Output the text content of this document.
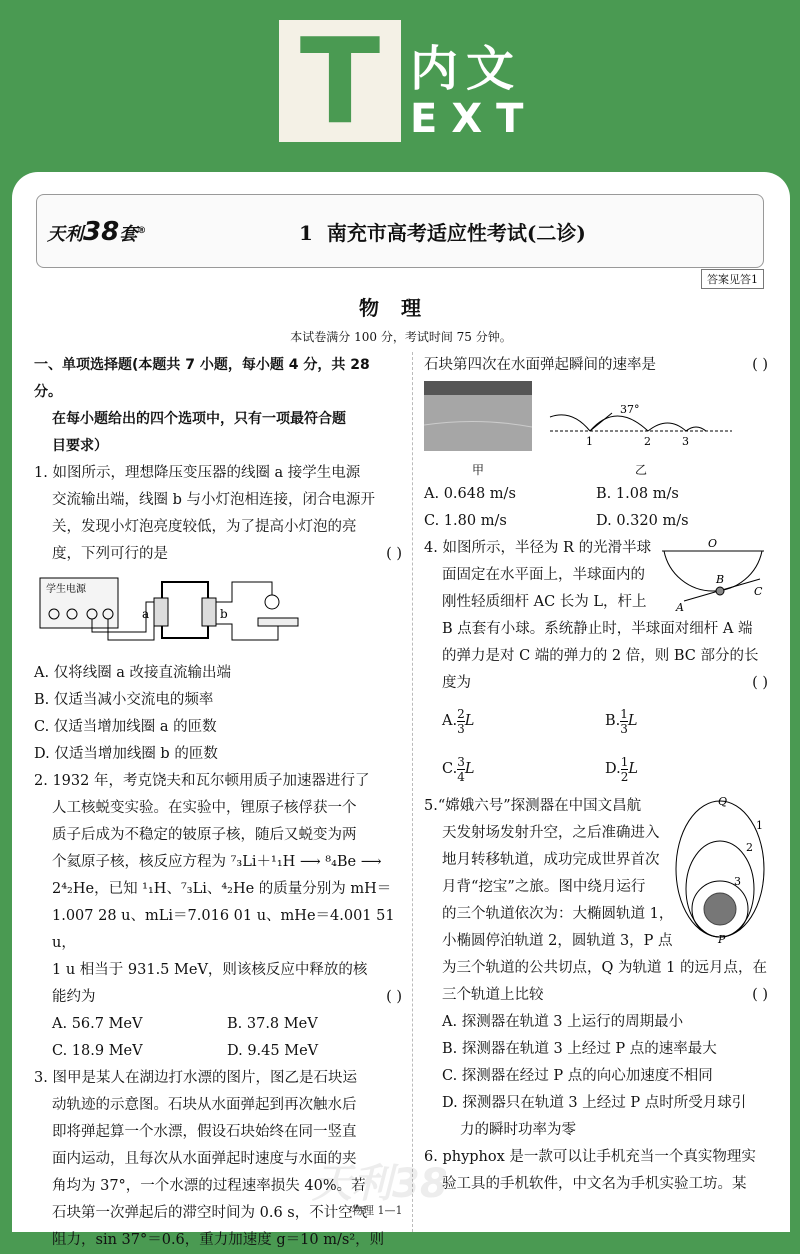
T 内文
EXT
天利38套®	1 南充市高考适应性考试(二诊)
答案见答1
物理
本试卷满分 100 分，考试时间 75 分钟。

一、单项选择题(本题共 7 小题，每小题 4 分，共 28 分。

在每小题给出的四个选项中，只有一项最符合题

目要求）

1. 如图所示，理想降压变压器的线圈 a 接学生电源

交流输出端，线圈 b 与小灯泡相连接，闭合电源开

关，发现小灯泡亮度较低，为了提高小灯泡的亮

度，下列可行的是	( )

学生电源
a	b

A. 仅将线圈 a 改接直流输出端

B. 仅适当减小交流电的频率

C. 仅适当增加线圈 a 的匝数

D. 仅适当增加线圈 b 的匝数

2. 1932 年，考克饶夫和瓦尔顿用质子加速器进行了

人工核蜕变实验。在实验中，锂原子核俘获一个

质子后成为不稳定的铍原子核，随后又蜕变为两

个氦原子核，核反应方程为 ⁷₃Li＋¹₁H ⟶ ⁸₄Be ⟶

2⁴₂He，已知 ¹₁H、⁷₃Li、⁴₂He 的质量分别为 mH＝

1.007 28 u、mLi＝7.016 01 u、mHe＝4.001 51 u，

1 u 相当于 931.5 MeV，则该核反应中释放的核

能约为	( )

A. 56.7 MeV	B. 37.8 MeV

C. 18.9 MeV	D. 9.45 MeV

3. 图甲是某人在湖边打水漂的图片，图乙是石块运

动轨迹的示意图。石块从水面弹起到再次触水后

即将弹起算一个水漂，假设石块始终在同一竖直

面内运动，且每次从水面弹起时速度与水面的夹

角均为 37°，一个水漂的过程速率损失 40%。若

石块第一次弹起后的滞空时间为 0.6 s，不计空气

阻力，sin 37°＝0.6，重力加速度 g＝10 m/s²，则

石块第四次在水面弹起瞬间的速率是	( )

甲
37°
1	2	3
乙

A. 0.648 m/s	B. 1.08 m/s

C. 1.80 m/s	D. 0.320 m/s

O
A
B
C

4. 如图所示，半径为 R 的光滑半球

面固定在水平面上，半球面内的

刚性轻质细杆 AC 长为 L，杆上

B 点套有小球。系统静止时，半球面对细杆 A 端

的弹力是对 C 端的弹力的 2 倍，则 BC 部分的长

度为	( )

A. $\frac{2}{3}$ L	B. $\frac{1}{3}$ L

C. $\frac{3}{4}$ L	D. $\frac{1}{2}$ L

Q
1
2
3
P

5.“嫦娥六号”探测器在中国文昌航

天发射场发射升空，之后准确进入

地月转移轨道，成功完成世界首次

月背“挖宝”之旅。图中绕月运行

的三个轨道依次为：大椭圆轨道 1，

小椭圆停泊轨道 2，圆轨道 3，P 点

为三个轨道的公共切点，Q 为轨道 1 的远月点，在

三个轨道上比较	( )

A. 探测器在轨道 3 上运行的周期最小

B. 探测器在轨道 3 上经过 P 点的速率最大

C. 探测器在经过 P 点的向心加速度不相同

D. 探测器只在轨道 3 上经过 P 点时所受月球引

力的瞬时功率为零

6. phyphox 是一款可以让手机充当一个真实物理实

验工具的手机软件，中文名为手机实验工坊。某

天利38
物理 1—1
